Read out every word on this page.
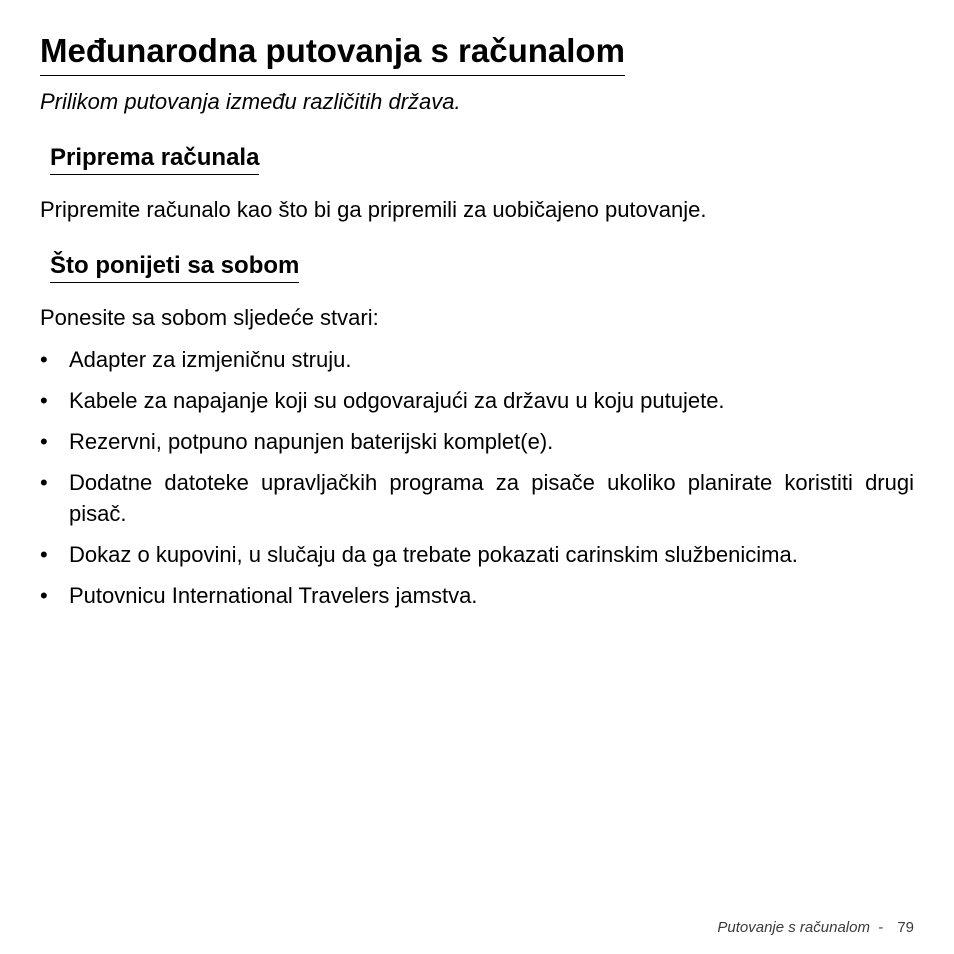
Međunarodna putovanja s računalom

Prilikom putovanja između različitih država.

Priprema računala

Pripremite računalo kao što bi ga pripremili za uobičajeno putovanje.

Što ponijeti sa sobom

Ponesite sa sobom sljedeće stvari:

• Adapter za izmjeničnu struju.
• Kabele za napajanje koji su odgovarajući za državu u koju putujete.
• Rezervni, potpuno napunjen baterijski komplet(e).
• Dodatne datoteke upravljačkih programa za pisače ukoliko planirate koristiti drugi pisač.
• Dokaz o kupovini, u slučaju da ga trebate pokazati carinskim službenicima.
• Putovnicu International Travelers jamstva.
Putovanje s računalom - 79
